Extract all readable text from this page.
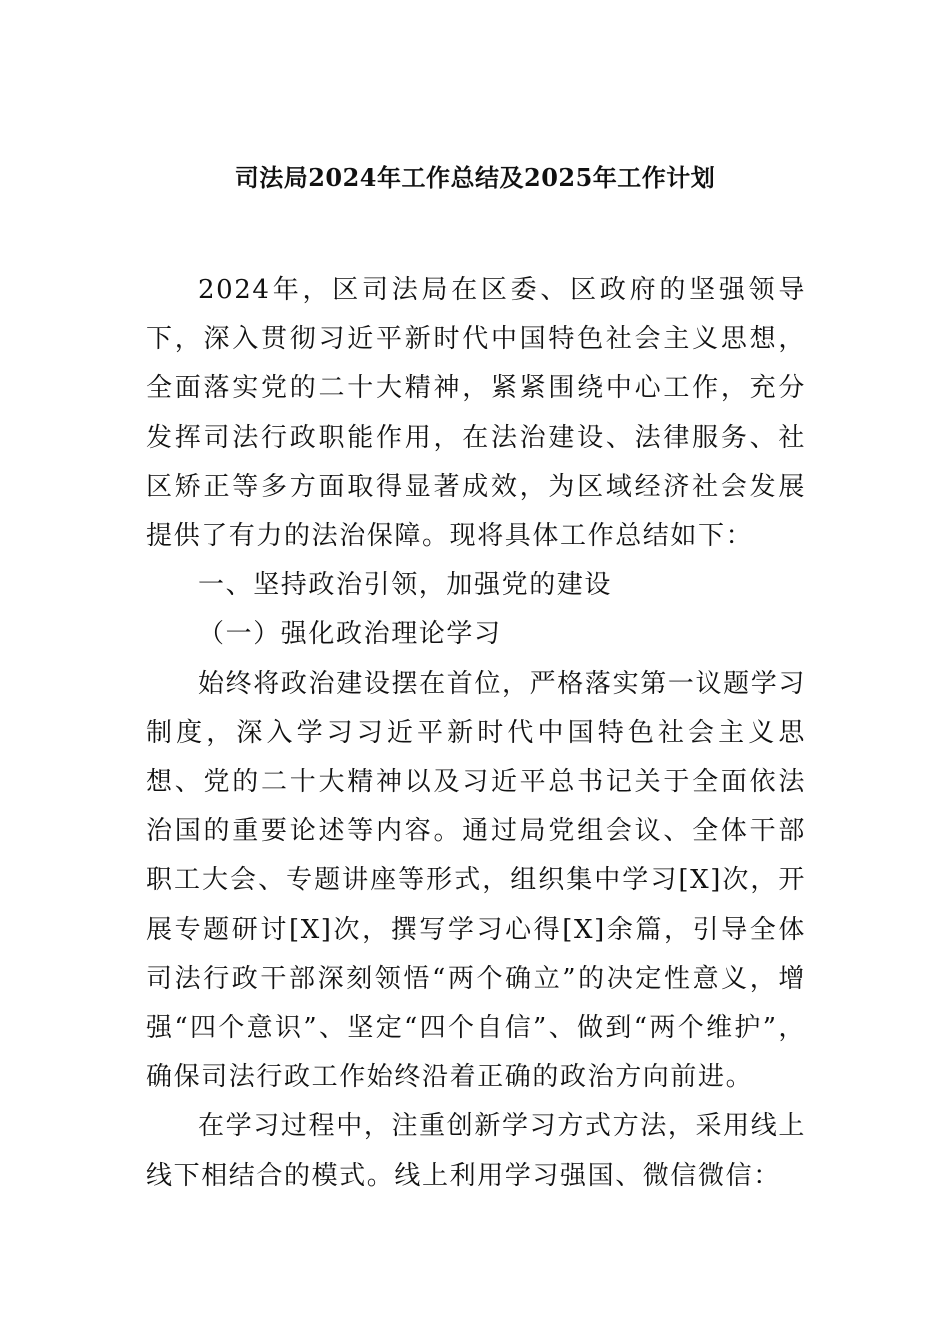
司法局2024年工作总结及2025年工作计划

2024年，区司法局在区委、区政府的坚强领导下，深入贯彻习近平新时代中国特色社会主义思想，全面落实党的二十大精神，紧紧围绕中心工作，充分发挥司法行政职能作用，在法治建设、法律服务、社区矫正等多方面取得显著成效，为区域经济社会发展提供了有力的法治保障。现将具体工作总结如下：

一、坚持政治引领，加强党的建设

（一）强化政治理论学习

始终将政治建设摆在首位，严格落实第一议题学习制度，深入学习习近平新时代中国特色社会主义思想、党的二十大精神以及习近平总书记关于全面依法治国的重要论述等内容。通过局党组会议、全体干部职工大会、专题讲座等形式，组织集中学习[X]次，开展专题研讨[X]次，撰写学习心得[X]余篇，引导全体司法行政干部深刻领悟“两个确立”的决定性意义，增强“四个意识”、坚定“四个自信”、做到“两个维护”，确保司法行政工作始终沿着正确的政治方向前进。

在学习过程中，注重创新学习方式方法，采用线上线下相结合的模式。线上利用学习强国、微信微信：
